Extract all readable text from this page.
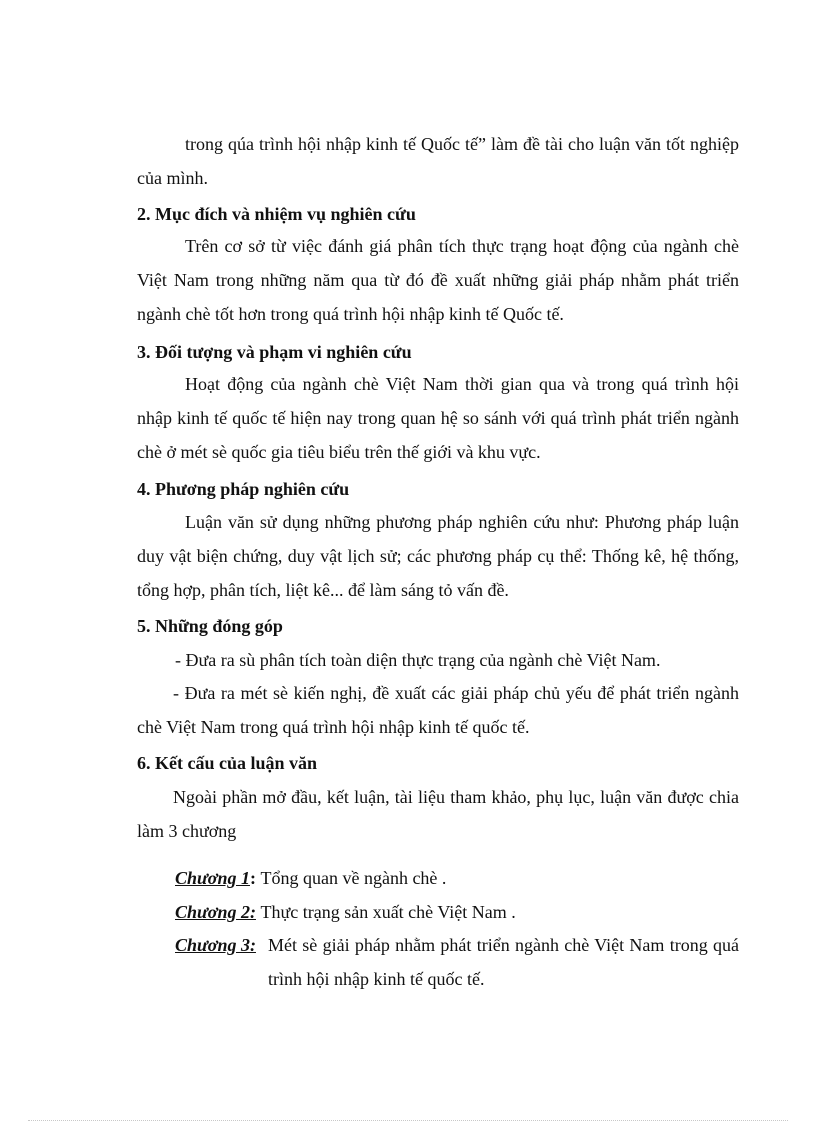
trong qúa trình hội nhập kinh tế Quốc tế” làm đề tài cho luận văn tốt nghiệp của mình.
2. Mục đích và nhiệm vụ nghiên cứu
Trên cơ sở từ việc đánh giá phân tích thực trạng hoạt động của ngành chè Việt Nam trong những năm qua từ đó đề xuất những giải pháp nhằm phát triển ngành chè tốt hơn trong quá trình hội nhập kinh tế Quốc tế.
3. Đối tượng và phạm vi nghiên cứu
Hoạt động của ngành chè Việt Nam thời gian qua và trong quá trình hội nhập kinh tế quốc tế hiện nay trong quan hệ so sánh với quá trình phát triển ngành chè ở mét sè quốc gia tiêu biểu trên thế giới và khu vực.
4. Phương pháp nghiên cứu
Luận văn sử dụng những phương pháp nghiên cứu như: Phương pháp luận duy vật biện chứng, duy vật lịch sử; các phương pháp cụ thể: Thống kê, hệ thống, tổng hợp, phân tích, liệt kê... để làm sáng tỏ vấn đề.
5. Những đóng góp
- Đưa ra sù phân tích toàn diện thực trạng của ngành chè Việt Nam.
- Đưa ra mét sè kiến nghị, đề xuất các giải pháp chủ yếu để phát triển ngành chè Việt Nam trong quá trình hội nhập kinh tế quốc tế.
6. Kết cấu của luận văn
Ngoài phần mở đầu, kết luận, tài liệu tham khảo, phụ lục, luận văn được chia làm 3 chương
Chương 1: Tổng quan về ngành chè .
Chương 2: Thực trạng sản xuất chè Việt Nam .
Chương 3: Mét sè giải pháp nhằm phát triển ngành chè Việt Nam trong quá trình hội nhập kinh tế quốc tế.
